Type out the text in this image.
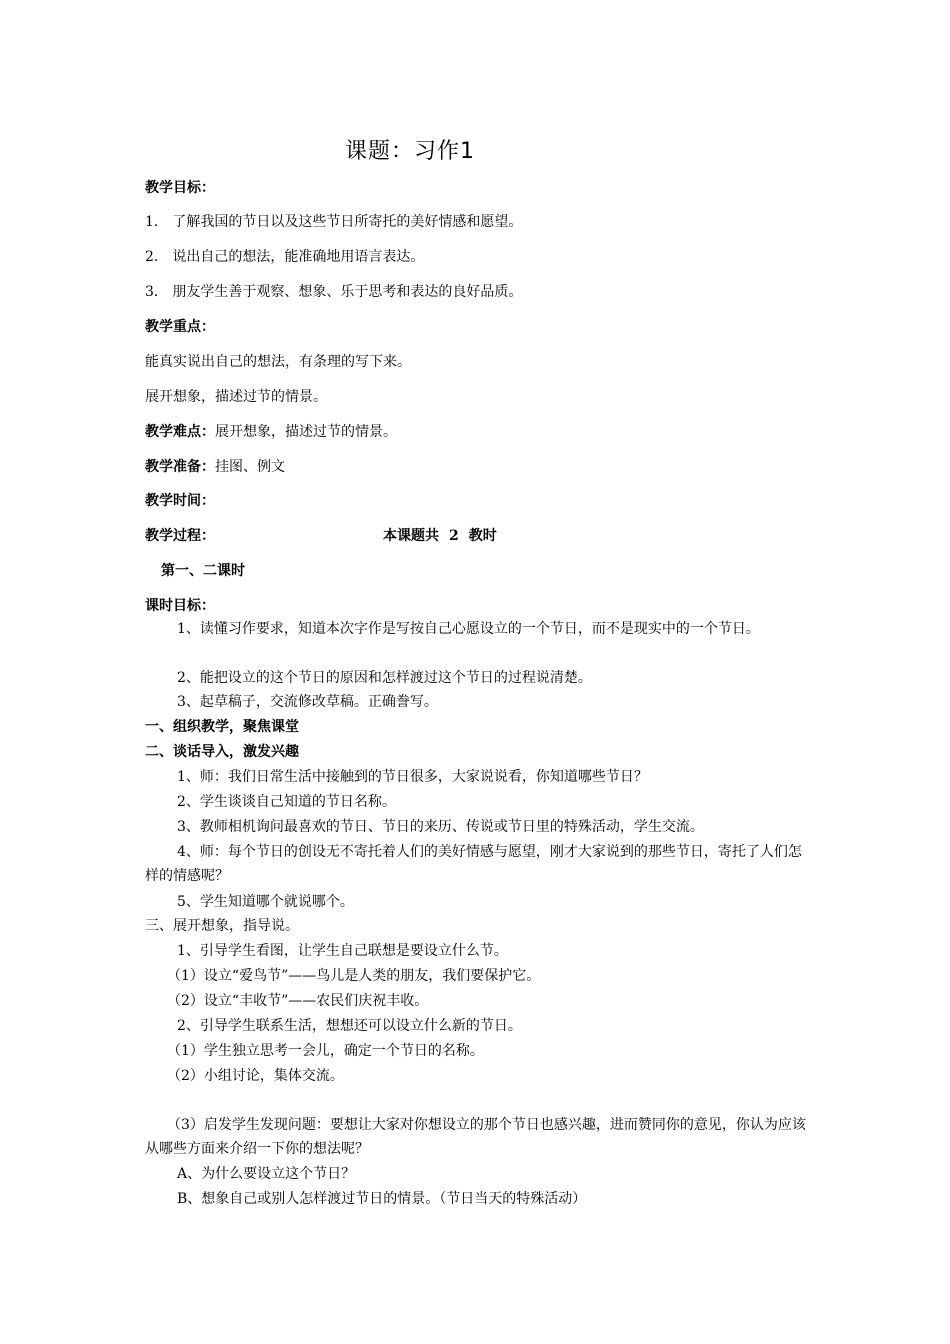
课题：习作1
教学目标：
1． 了解我国的节日以及这些节日所寄托的美好情感和愿望。
2． 说出自己的想法，能准确地用语言表达。
3． 朋友学生善于观察、想象、乐于思考和表达的良好品质。
教学重点：
能真实说出自己的想法，有条理的写下来。
展开想象，描述过节的情景。
教学难点：展开想象，描述过节的情景。
教学准备：挂图、例文
教学时间：
教学过程：	本课题共 2 教时
第一、二课时
课时目标：
1、读懂习作要求，知道本次字作是写按自己心愿设立的一个节日，而不是现实中的一个节日。
2、能把设立的这个节日的原因和怎样渡过这个节日的过程说清楚。
3、起草稿子，交流修改草稿。正确誊写。
一、组织教学，聚焦课堂
二、谈话导入，激发兴趣
1、师：我们日常生活中接触到的节日很多，大家说说看，你知道哪些节日？
2、学生谈谈自己知道的节日名称。
3、教师相机询问最喜欢的节日、节日的来历、传说或节日里的特殊活动，学生交流。
4、师：每个节日的创设无不寄托着人们的美好情感与愿望，刚才大家说到的那些节日，寄托了人们怎样的情感呢？
5、学生知道哪个就说哪个。
三、展开想象，指导说。
1、引导学生看图，让学生自己联想是要设立什么节。
（1）设立“爱鸟节”——鸟儿是人类的朋友，我们要保护它。
（2）设立“丰收节”——农民们庆祝丰收。
2、引导学生联系生活，想想还可以设立什么新的节日。
（1）学生独立思考一会儿，确定一个节日的名称。
（2）小组讨论，集体交流。
（3）启发学生发现问题：要想让大家对你想设立的那个节日也感兴趣，进而赞同你的意见，你认为应该从哪些方面来介绍一下你的想法呢？
A、为什么要设立这个节日？
B、想象自己或别人怎样渡过节日的情景。（节日当天的特殊活动）
